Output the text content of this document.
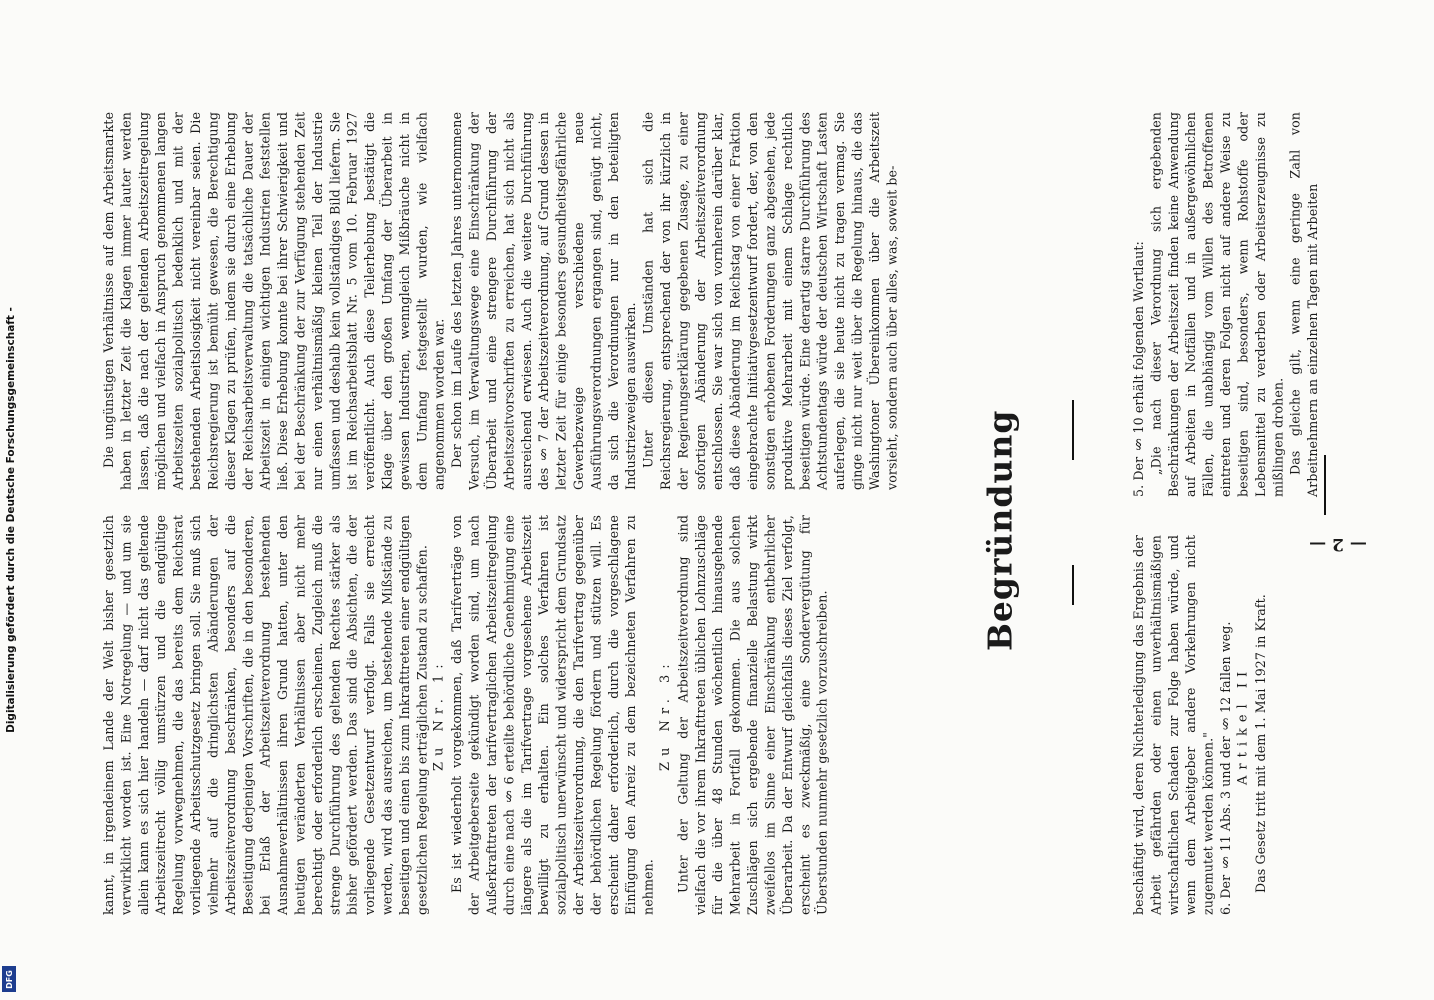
— 2 —

5. Der § 10 erhält folgenden Wortlaut: „Die nach dieser Verordnung sich ergebenden Beschränkungen der Arbeitszeit finden keine Anwendung auf Arbeiten in Notfällen und in außergewöhnlichen Fällen, die unabhängig vom Willen des Betroffenen eintreten und deren Folgen nicht auf andere Weise zu beseitigen sind, besonders, wenn Rohstoffe oder Lebensmittel zu verderben oder Arbeitserzeugnisse zu mißlingen drohen. Das gleiche gilt, wenn eine geringe Zahl von Arbeitnehmern an einzelnen Tagen mit Arbeiten

beschäftigt wird, deren Nichterledigung das Ergebnis der Arbeit gefährden oder einen unverhältnismäßigen wirtschaftlichen Schaden zur Folge haben würde, und wenn dem Arbeitgeber andere Vorkehrungen nicht zugemutet werden können." 6. Der § 11 Abs. 3 und der § 12 fallen weg. Artikel II Das Gesetz tritt mit dem 1. Mai 1927 in Kraft.

Begründung

Die ungünstigen Verhältnisse auf dem Arbeitsmarkte haben in letzter Zeit die Klagen immer lauter werden lassen, daß die nach der geltenden Arbeitszeitregelung möglichen und vielfach in Anspruch genommenen langen Arbeitszeiten sozialpolitisch bedenklich und mit der bestehenden Arbeitslosigkeit nicht vereinbar seien. Die Reichsregierung ist bemüht gewesen, die Berechtigung dieser Klagen zu prüfen, indem sie durch eine Erhebung der Reichsarbeitsverwaltung die tatsächliche Dauer der Arbeitszeit in einigen wichtigen Industrien feststellen ließ. Diese Erhebung konnte bei ihrer Schwierigkeit und bei der Beschränkung der zur Verfügung stehenden Zeit nur einen verhältnismäßig kleinen Teil der Industrie umfassen und deshalb kein vollständiges Bild liefern. Sie ist im Reichsarbeitsblatt Nr. 5 vom 10. Februar 1927 veröffentlicht. Auch diese Teilerhebung bestätigt die Klage über den großen Umfang der Überarbeit in gewissen Industrien, wenngleich Mißbräuche nicht in dem Umfang festgestellt wurden, wie vielfach angenommen worden war. Der schon im Laufe des letzten Jahres unternommene Versuch, im Verwaltungswege eine Einschränkung der Überarbeit und eine strengere Durchführung der Arbeitszeitvorschriften zu erreichen, hat sich nicht als ausreichend erwiesen. Auch die weitere Durchführung des § 7 der Arbeitszeitverordnung, auf Grund dessen in letzter Zeit für einige besonders gesundheitsgefährliche Gewerbezweige verschiedene neue Ausführungsverordnungen ergangen sind, genügt nicht, da sich die Verordnungen nur in den beteiligten Industriezweigen auswirken. Unter diesen Umständen hat sich die Reichsregierung, entsprechend der von ihr kürzlich in der Regierungserklärung gegebenen Zusage, zu einer sofortigen Abänderung der Arbeitszeitverordnung entschlossen. Sie war sich von vornherein darüber klar, daß diese Abänderung im Reichstag von einer Fraktion eingebrachte Initiativgesetzentwurf fordert, der, von den sonstigen erhobenen Forderungen ganz abgesehen, jede produktive Mehrarbeit mit einem Schlage rechtlich beseitigen würde. Eine derartig starre Durchführung des Achtstundentags würde der deutschen Wirtschaft Lasten auferlegen, die sie heute nicht zu tragen vermag. Sie ginge nicht nur weit über die Regelung hinaus, die das Washingtoner Übereinkommen über die Arbeitszeit vorsieht, sondern auch über alles, was, soweit be-

kannt, in irgendeinem Lande der Welt bisher gesetzlich verwirklicht worden ist. Eine Notregelung — und um sie allein kann es sich hier handeln — darf nicht das geltende Arbeitszeitrecht völlig umstürzen und die endgültige Regelung vorwegnehmen, die das bereits dem Reichsrat vorliegende Arbeitsschutzgesetz bringen soll. Sie muß sich vielmehr auf die dringlichsten Abänderungen der Arbeitszeitverordnung beschränken, besonders auf die Beseitigung derjenigen Vorschriften, die in den besonderen, bei Erlaß der Arbeitszeitverordnung bestehenden Ausnahmeverhältnissen ihren Grund hatten, unter den heutigen veränderten Verhältnissen aber nicht mehr berechtigt oder erforderlich erscheinen. Zugleich muß die strenge Durchführung des geltenden Rechtes stärker als bisher gefördert werden. Das sind die Absichten, die der vorliegende Gesetzentwurf verfolgt. Falls sie erreicht werden, wird das ausreichen, um bestehende Mißstände zu beseitigen und einen bis zum Inkrafttreten einer endgültigen gesetzlichen Regelung erträglichen Zustand zu schaffen. Zu Nr. 1: Es ist wiederholt vorgekommen, daß Tarifverträge von der Arbeitgeberseite gekündigt worden sind, um nach Außerkrafttreten der tarifvertraglichen Arbeitszeitregelung durch eine nach § 6 erteilte behördliche Genehmigung eine längere als die im Tarifvertrage vorgesehene Arbeitszeit bewilligt zu erhalten. Ein solches Verfahren ist sozialpolitisch unerwünscht und widerspricht dem Grundsatz der Arbeitszeitverordnung, die den Tarifvertrag gegenüber der behördlichen Regelung fördern und stützen will. Es erscheint daher erforderlich, durch die vorgeschlagene Einfügung den Anreiz zu dem bezeichneten Verfahren zu nehmen.

Zu Nr. 3: Unter der Geltung der Arbeitszeitverordnung sind vielfach die vor ihrem Inkrafttreten üblichen Lohnzuschläge für die über 48 Stunden wöchentlich hinausgehende Mehrarbeit in Fortfall gekommen. Die aus solchen Zuschlägen sich ergebende finanzielle Belastung wirkt zweifellos im Sinne einer Einschränkung entbehrlicher Überarbeit. Da der Entwurf gleichfalls dieses Ziel verfolgt, erscheint es zweckmäßig, eine Sondervergütung für Überstunden nunmehr gesetzlich vorzuschreiben.

Digitalisierung gefördert durch die Deutsche Forschungsgemeinschaft -
DFG
